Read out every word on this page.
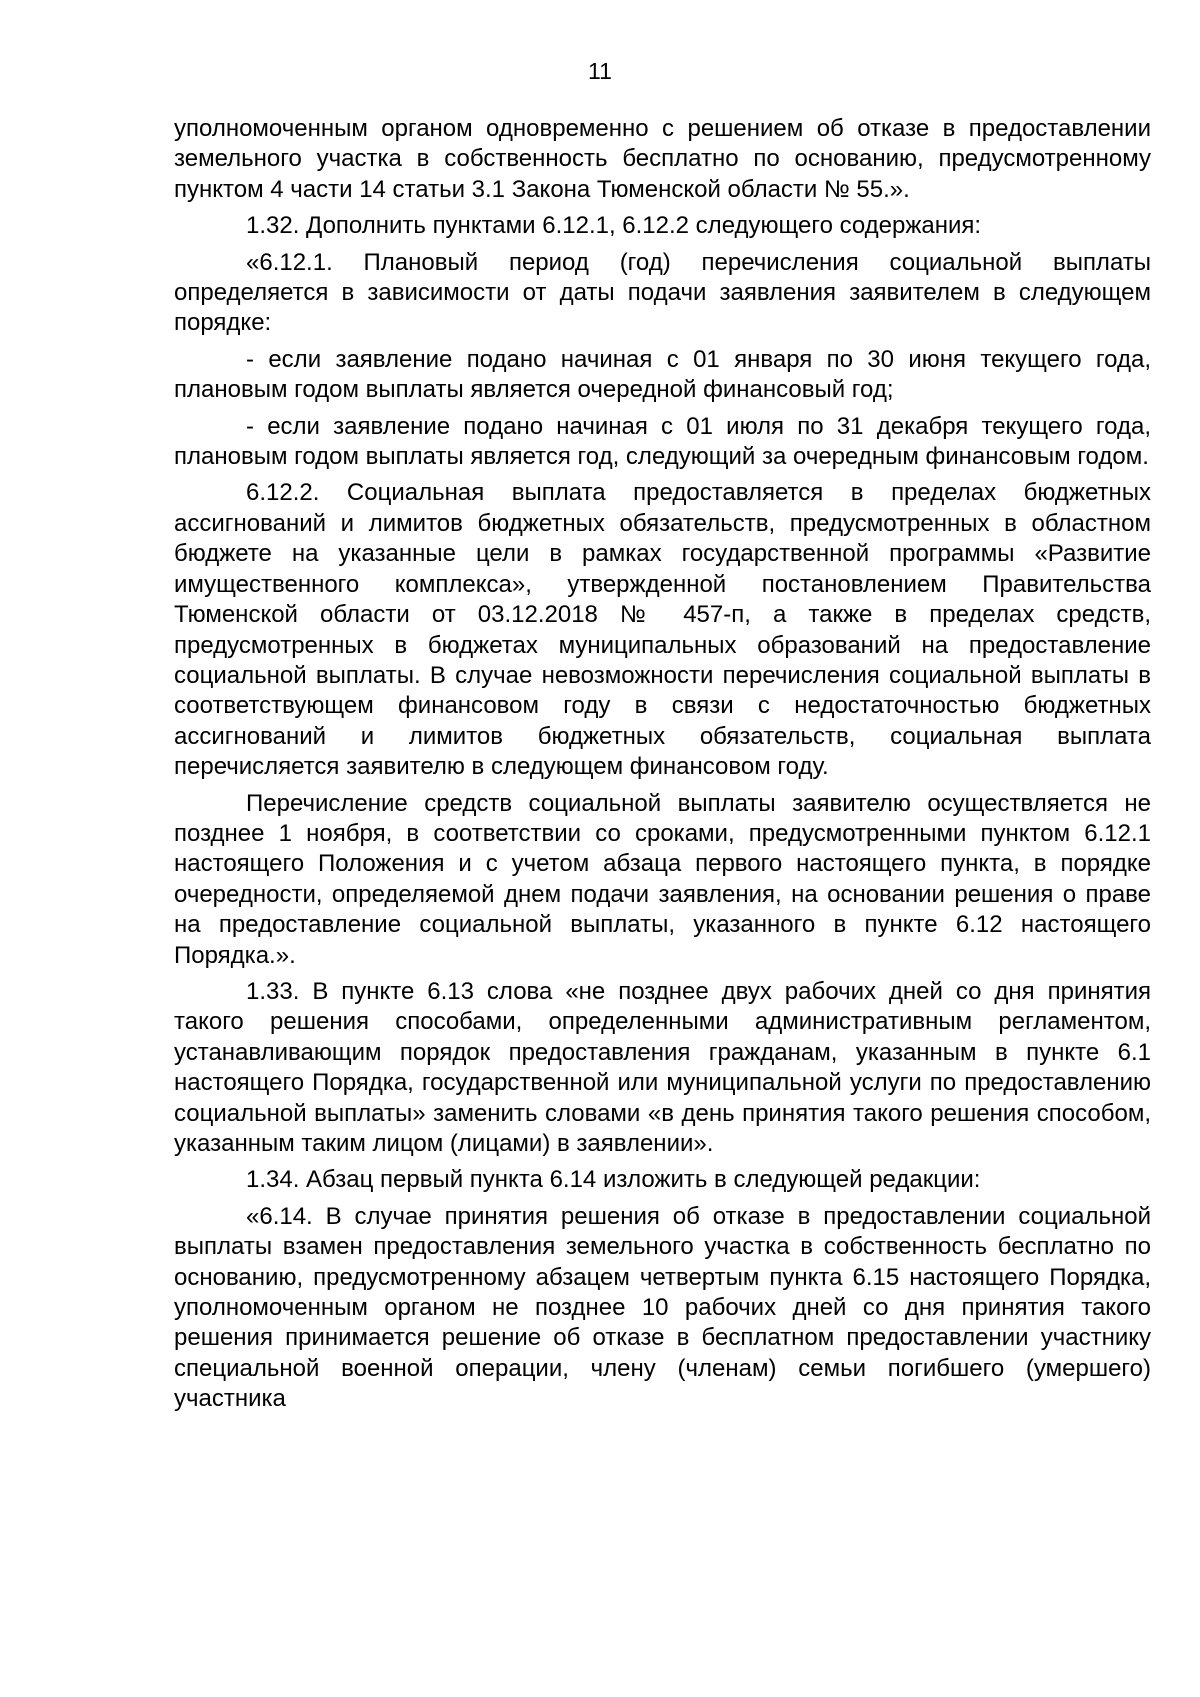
11

уполномоченным органом одновременно с решением об отказе в предоставлении земельного участка в собственность бесплатно по основанию, предусмотренному пунктом 4 части 14 статьи 3.1 Закона Тюменской области № 55.».

1.32. Дополнить пунктами 6.12.1, 6.12.2 следующего содержания:

«6.12.1. Плановый период (год) перечисления социальной выплаты определяется в зависимости от даты подачи заявления заявителем в следующем порядке:

- если заявление подано начиная с 01 января по 30 июня текущего года, плановым годом выплаты является очередной финансовый год;

- если заявление подано начиная с 01 июля по 31 декабря текущего года, плановым годом выплаты является год, следующий за очередным финансовым годом.

6.12.2. Социальная выплата предоставляется в пределах бюджетных ассигнований и лимитов бюджетных обязательств, предусмотренных в областном бюджете на указанные цели в рамках государственной программы «Развитие имущественного комплекса», утвержденной постановлением Правительства Тюменской области от 03.12.2018 № 457-п, а также в пределах средств, предусмотренных в бюджетах муниципальных образований на предоставление социальной выплаты. В случае невозможности перечисления социальной выплаты в соответствующем финансовом году в связи с недостаточностью бюджетных ассигнований и лимитов бюджетных обязательств, социальная выплата перечисляется заявителю в следующем финансовом году.

Перечисление средств социальной выплаты заявителю осуществляется не позднее 1 ноября, в соответствии со сроками, предусмотренными пунктом 6.12.1 настоящего Положения и с учетом абзаца первого настоящего пункта, в порядке очередности, определяемой днем подачи заявления, на основании решения о праве на предоставление социальной выплаты, указанного в пункте 6.12 настоящего Порядка.».

1.33. В пункте 6.13 слова «не позднее двух рабочих дней со дня принятия такого решения способами, определенными административным регламентом, устанавливающим порядок предоставления гражданам, указанным в пункте 6.1 настоящего Порядка, государственной или муниципальной услуги по предоставлению социальной выплаты» заменить словами «в день принятия такого решения способом, указанным таким лицом (лицами) в заявлении».

1.34. Абзац первый пункта 6.14 изложить в следующей редакции:

«6.14. В случае принятия решения об отказе в предоставлении социальной выплаты взамен предоставления земельного участка в собственность бесплатно по основанию, предусмотренному абзацем четвертым пункта 6.15 настоящего Порядка, уполномоченным органом не позднее 10 рабочих дней со дня принятия такого решения принимается решение об отказе в бесплатном предоставлении участнику специальной военной операции, члену (членам) семьи погибшего (умершего) участника
